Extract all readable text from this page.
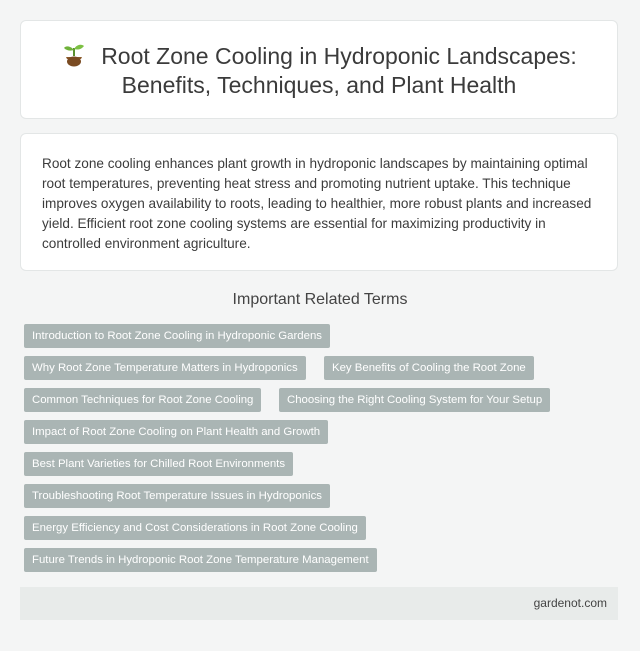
Root Zone Cooling in Hydroponic Landscapes:
Benefits, Techniques, and Plant Health

Root zone cooling enhances plant growth in hydroponic landscapes by maintaining optimal root temperatures, preventing heat stress and promoting nutrient uptake. This technique improves oxygen availability to roots, leading to healthier, more robust plants and increased yield. Efficient root zone cooling systems are essential for maximizing productivity in controlled environment agriculture.

Important Related Terms
Introduction to Root Zone Cooling in Hydroponic Gardens
Why Root Zone Temperature Matters in Hydroponics	Key Benefits of Cooling the Root Zone
Common Techniques for Root Zone Cooling	Choosing the Right Cooling System for Your Setup
Impact of Root Zone Cooling on Plant Health and Growth
Best Plant Varieties for Chilled Root Environments
Troubleshooting Root Temperature Issues in Hydroponics
Energy Efficiency and Cost Considerations in Root Zone Cooling
Future Trends in Hydroponic Root Zone Temperature Management
gardenot.com
